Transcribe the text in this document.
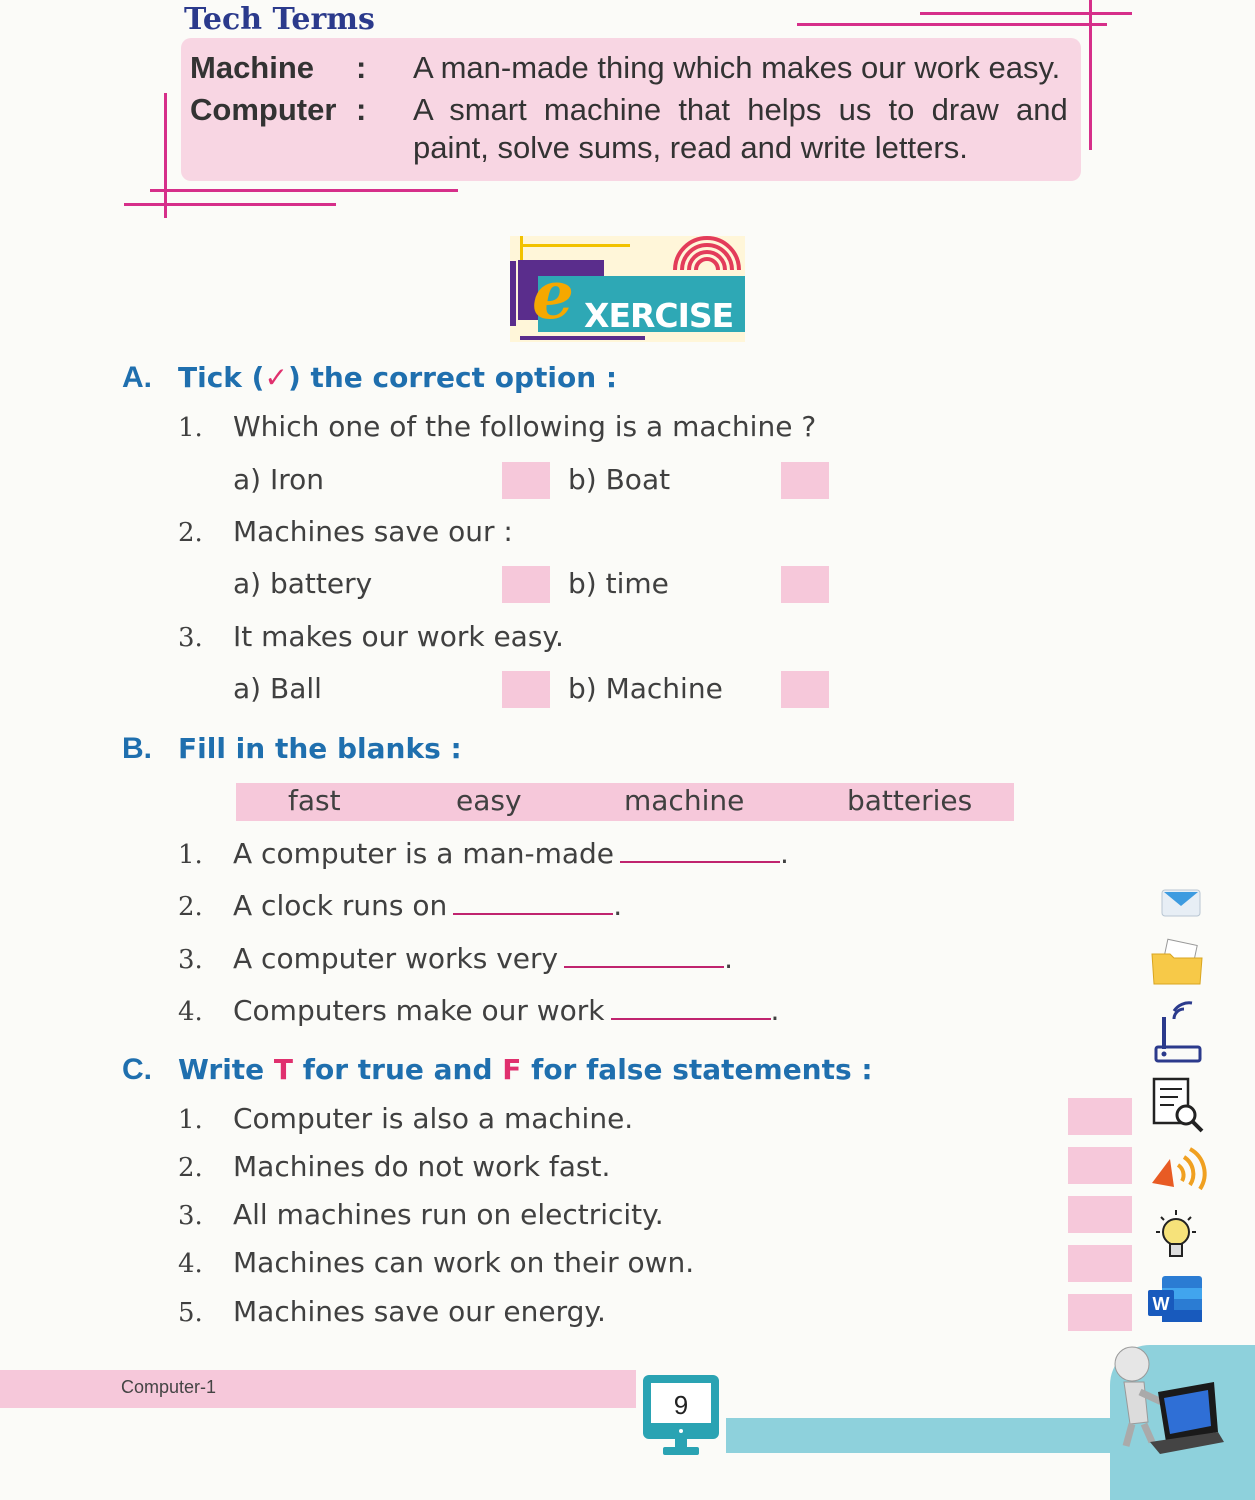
Tech Terms
Machine : A man-made thing which makes our work easy.
Computer : A  smart  machine  that  helps  us  to  draw  and
paint, solve sums, read and write letters.
e XERCISE
A. Tick (✓) the correct option :
1. Which one of the following is a machine ?
a) Iron	b) Boat
2. Machines save our :
a) battery	b) time
3. It makes our work easy.
a) Ball	b) Machine
B. Fill in the blanks :
fast	easy	machine	batteries
1. A computer is a man-made	.
2. A clock runs on	.
3. A computer works very	.
4. Computers make our work	.
C. Write T for true and F for false statements :
1. Computer is also a machine.
2. Machines do not work fast.
3. All machines run on electricity.
4. Machines can work on their own.
5. Machines save our energy.	W
Computer-1
9
